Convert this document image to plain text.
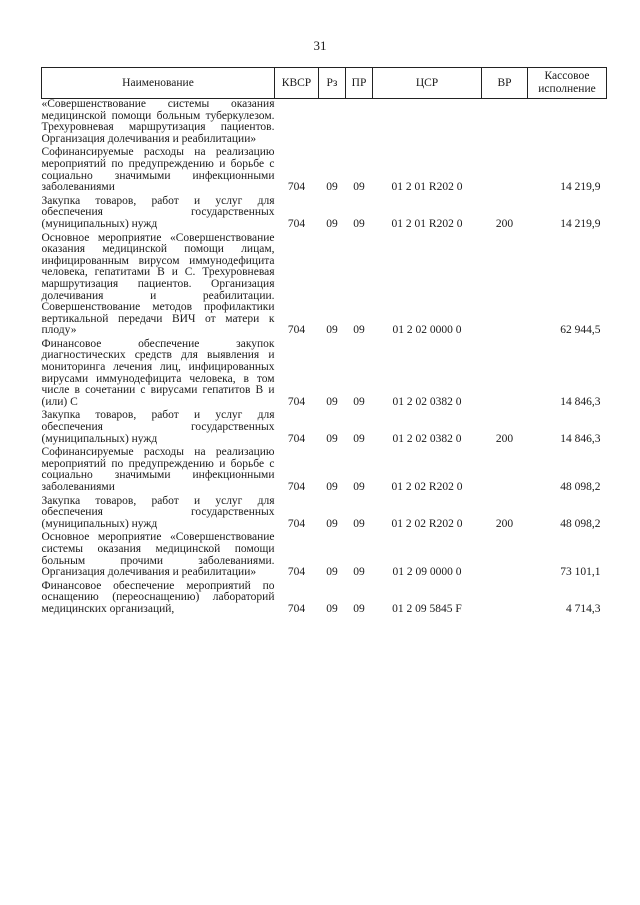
31
Наименование	КВСР	Рз	ПР	ЦСР	ВР	Кассовое исполнение
«Совершенствование системы оказания медицинской помощи больным туберкулезом. Трехуровневая маршрутизация пациентов. Организация долечивания и реабилитации»						
Софинансируемые расходы на реализацию мероприятий по предупреждению и борьбе с социально значимыми инфекционными заболеваниями	704	09	09	01 2 01 R202 0		14 219,9
Закупка товаров, работ и услуг для обеспечения государственных (муниципальных) нужд	704	09	09	01 2 01 R202 0	200	14 219,9
Основное мероприятие «Совершенствование оказания медицинской помощи лицам, инфицированным вирусом иммунодефицита человека, гепатитами В и С. Трехуровневая маршрутизация пациентов. Организация долечивания и реабилитации. Совершенствование методов профилактики вертикальной передачи ВИЧ от матери к плоду»	704	09	09	01 2 02 0000 0		62 944,5
Финансовое обеспечение закупок диагностических средств для выявления и мониторинга лечения лиц, инфицированных вирусами иммунодефицита человека, в том числе в сочетании с вирусами гепатитов В и (или) С	704	09	09	01 2 02 0382 0		14 846,3
Закупка товаров, работ и услуг для обеспечения государственных (муниципальных) нужд	704	09	09	01 2 02 0382 0	200	14 846,3
Софинансируемые расходы на реализацию мероприятий по предупреждению и борьбе с социально значимыми инфекционными заболеваниями	704	09	09	01 2 02 R202 0		48 098,2
Закупка товаров, работ и услуг для обеспечения государственных (муниципальных) нужд	704	09	09	01 2 02 R202 0	200	48 098,2
Основное мероприятие «Совершенствование системы оказания медицинской помощи больным прочими заболеваниями. Организация долечивания и реабилитации»	704	09	09	01 2 09 0000 0		73 101,1
Финансовое обеспечение мероприятий по оснащению (переоснащению) лабораторий медицинских организаций,	704	09	09	01 2 09 5845 F		4 714,3
